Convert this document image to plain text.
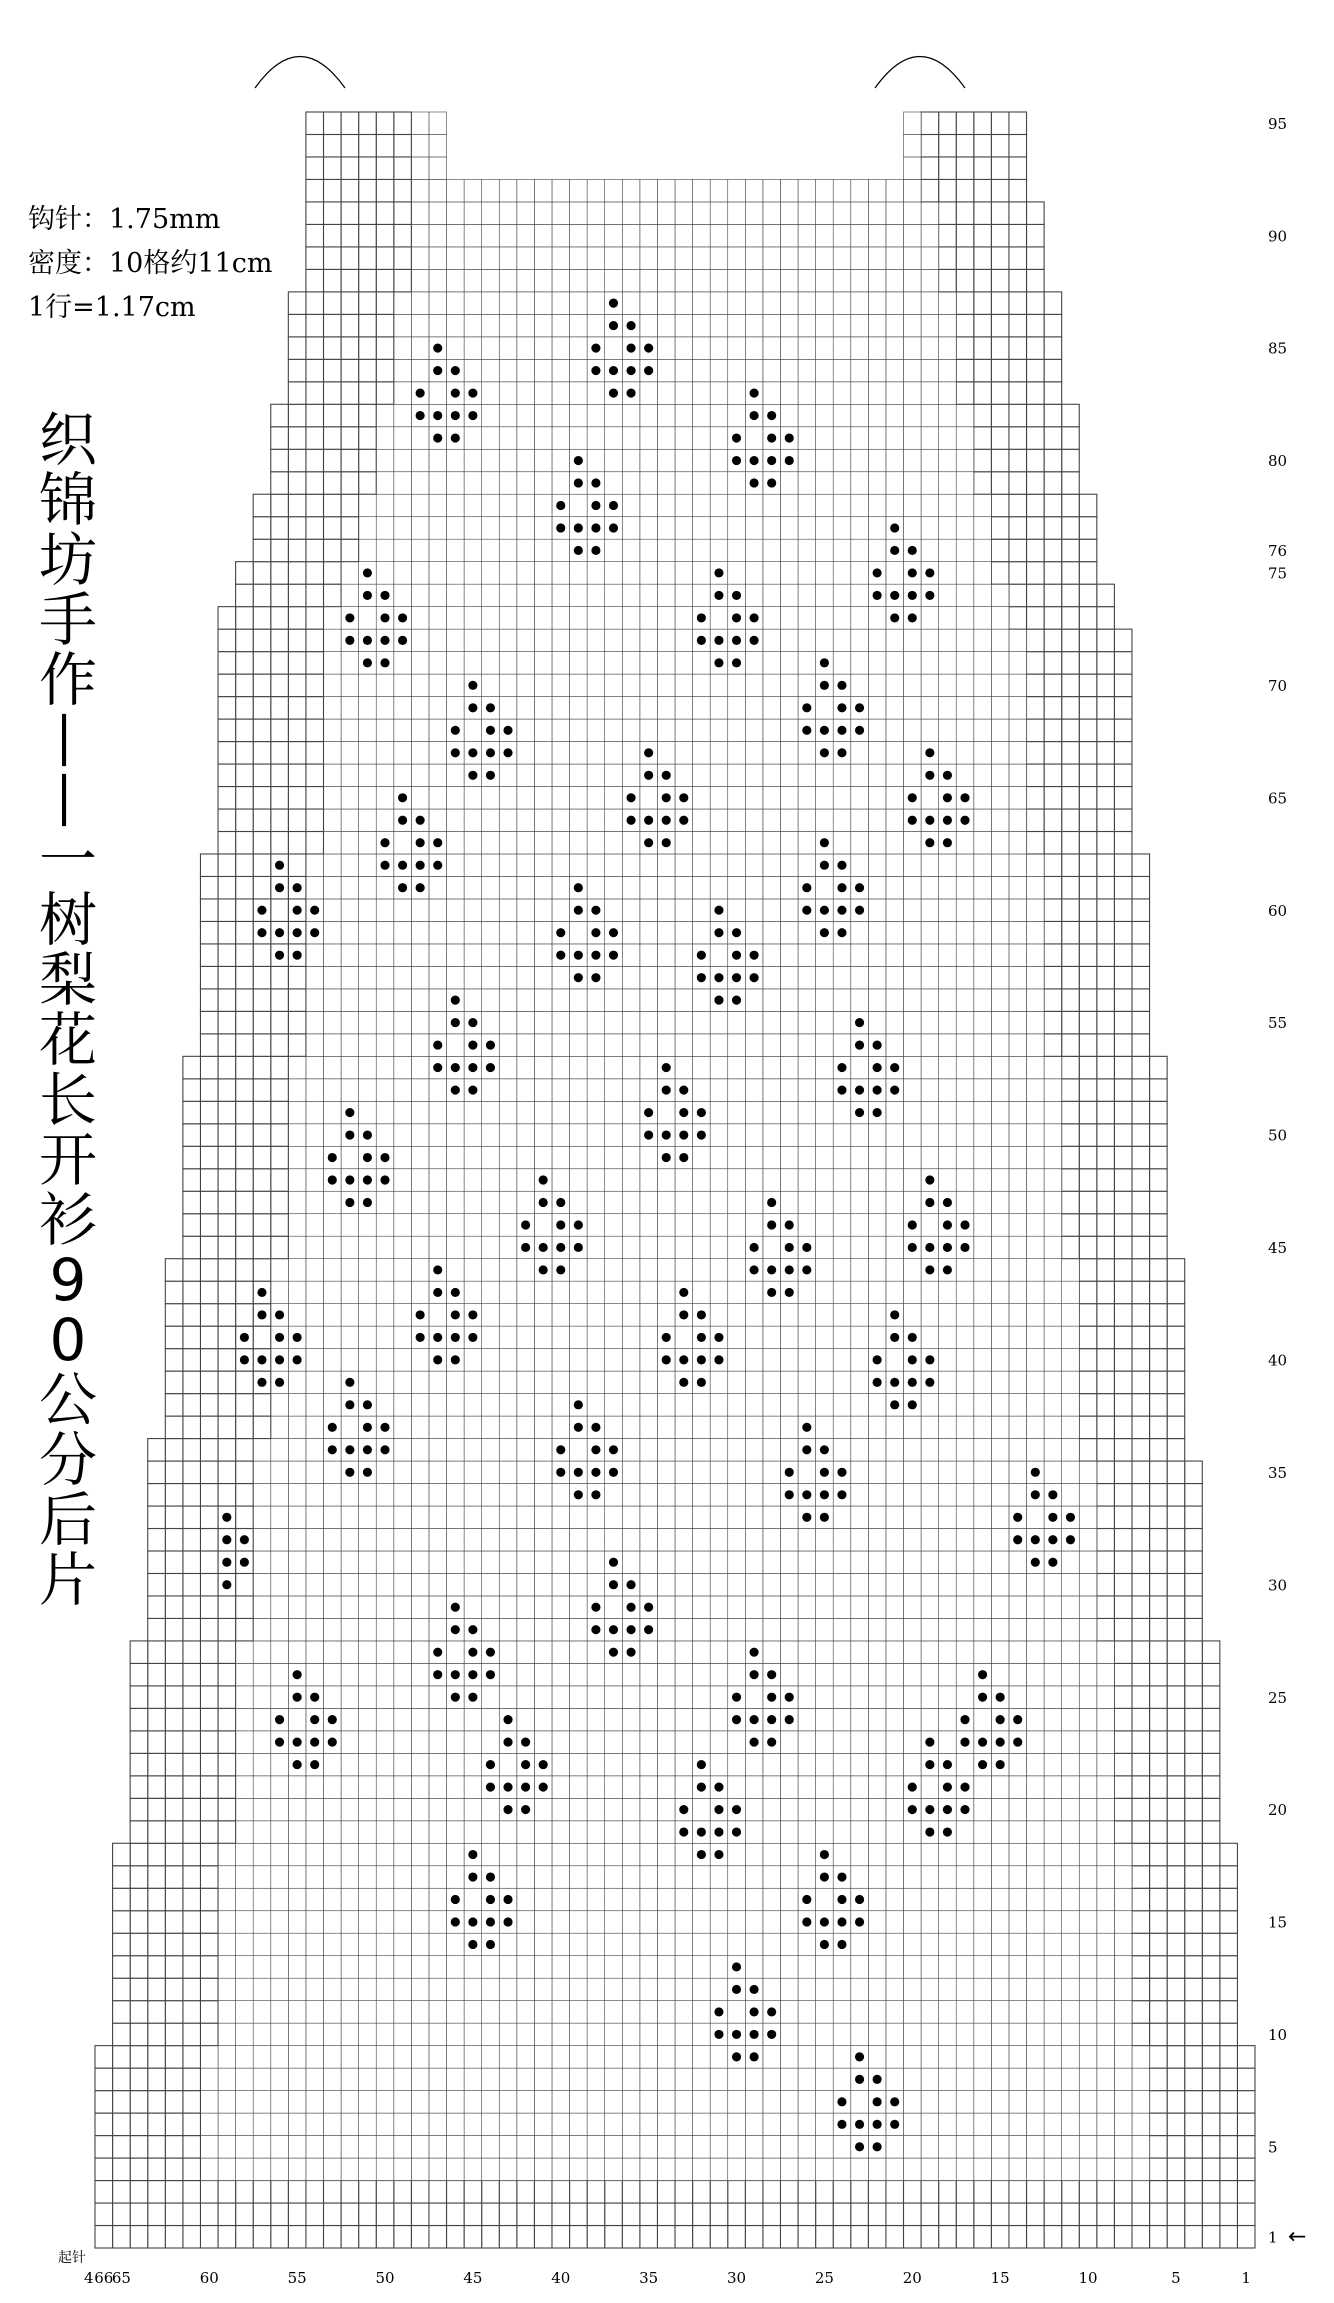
95
90
85
80
76
75
70
65
60
55
50
45
40
35
30
25
20
15
10
5
1
66
65	60	55	50	45	40	35	30	25	20	15	10	5	1
起针
4
←
钩针：1.75mm
密度：10格约11cm
1行=1.17cm
织
锦
坊
手
作
—
—
一
树
梨
花
长
开
衫
9
0
公
分
后
片
